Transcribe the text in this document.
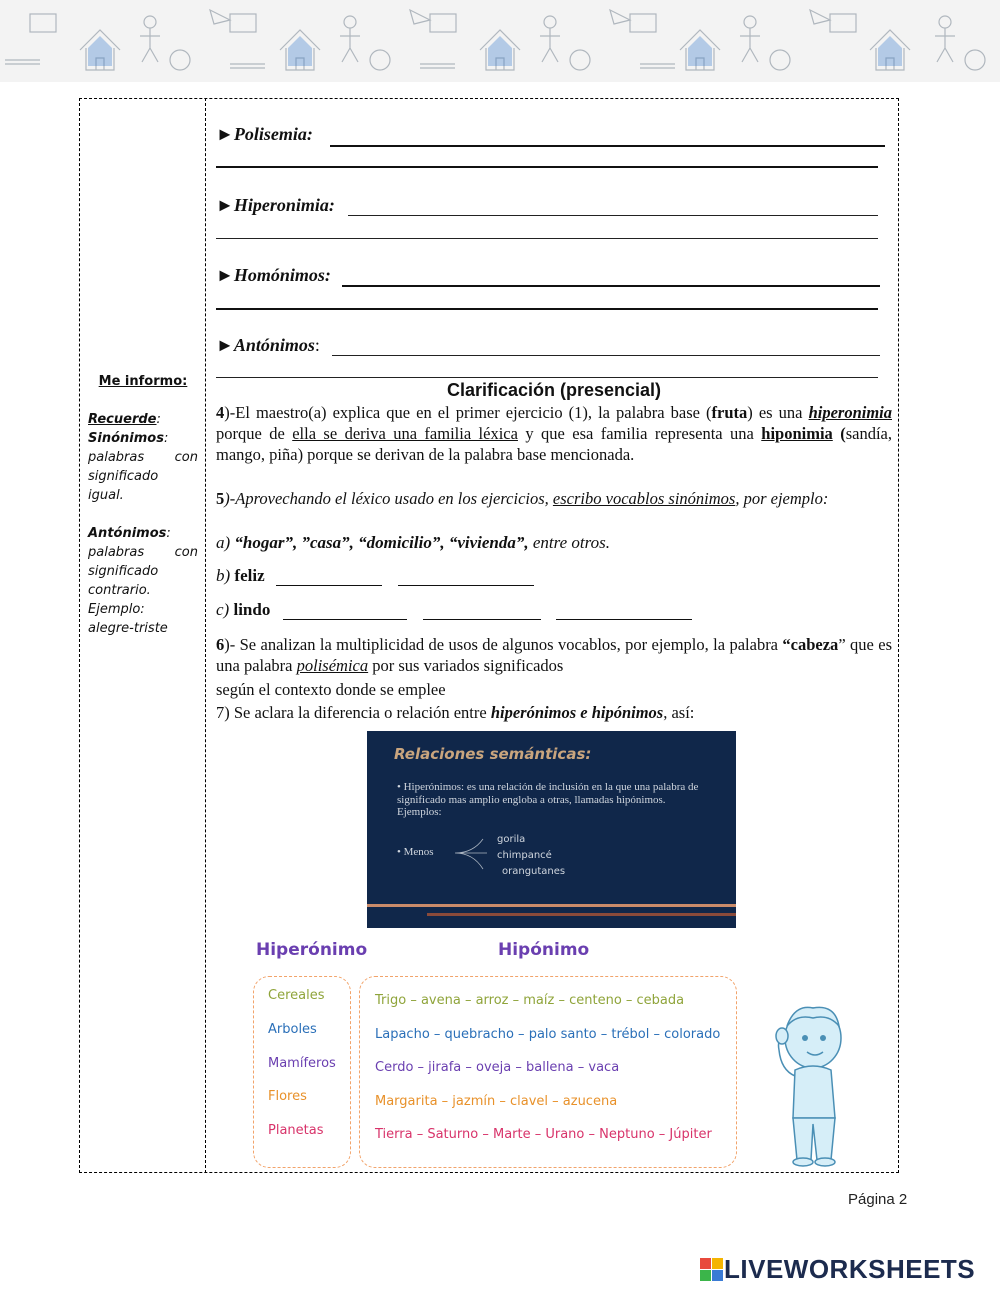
Me informo:
Recuerde:
Sinónimos:
palabras con
significado
igual.
Antónimos:
palabras con
significado
contrario.
Ejemplo:
alegre-triste
►Polisemia:
►Hiperonimia:
►Homónimos:
►Antónimos:
Clarificación (presencial)
4)-El maestro(a) explica que en el primer ejercicio (1), la palabra base (fruta) es una hiperonimia porque de ella se deriva una familia léxica y que esa familia representa una hiponimia (sandía, mango, piña) porque se derivan de la palabra base mencionada.
5)-Aprovechando el léxico usado en los ejercicios, escribo vocablos sinónimos, por ejemplo:
a) “hogar”, ”casa”, “domicilio”, “vivienda”, entre otros.
b) feliz
c) lindo
6)- Se analizan la multiplicidad de usos de algunos vocablos, por ejemplo, la palabra “cabeza” que es una palabra polisémica por sus variados significados
según el contexto donde se emplee
7) Se aclara la diferencia o relación entre hiperónimos e hipónimos, así:
Relaciones semánticas:
• Hiperónimos: es una relación de inclusión en la que una palabra de significado mas amplio engloba a otras, llamadas hipónimos. Ejemplos:
• Menos
gorila
chimpancé
orangutanes
Hiperónimo	Hipónimo
Cereales
Arboles
Mamíferos
Flores
Planetas
Trigo – avena – arroz – maíz – centeno – cebada
Lapacho – quebracho – palo santo – trébol – colorado
Cerdo – jirafa – oveja – ballena – vaca
Margarita – jazmín – clavel – azucena
Tierra – Saturno – Marte – Urano – Neptuno – Júpiter
Página 2
LIVEWORKSHEETS
